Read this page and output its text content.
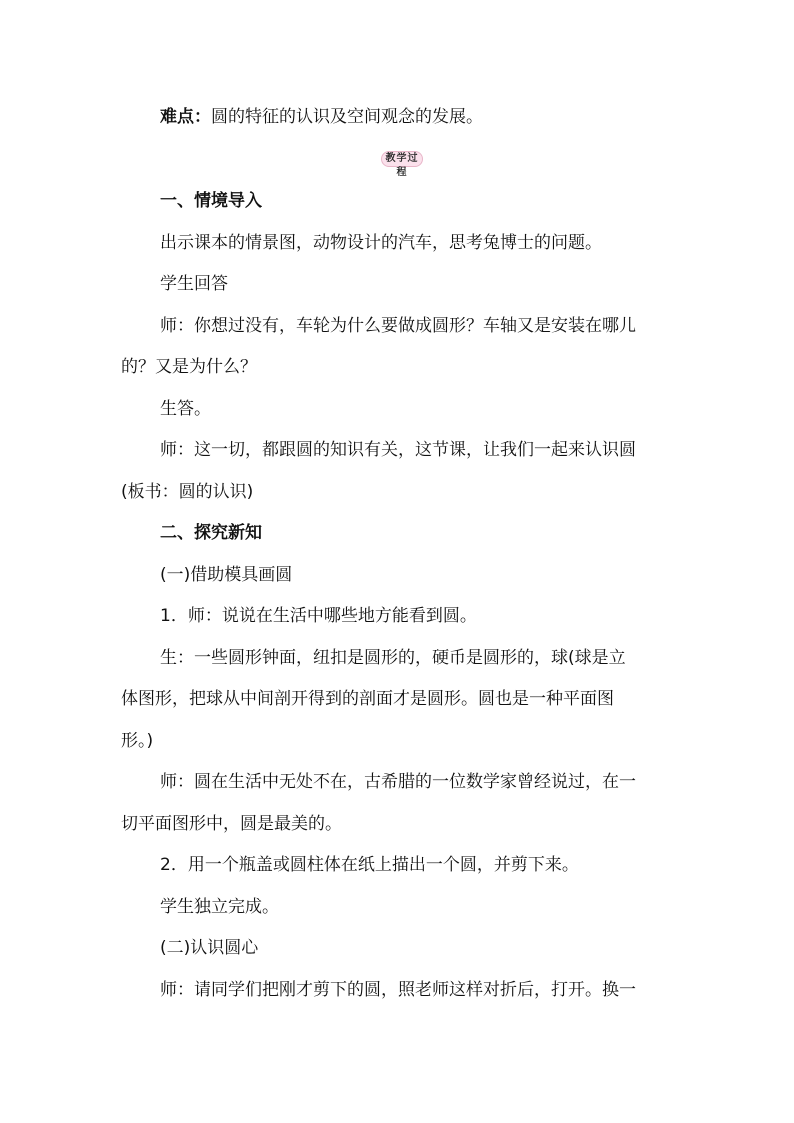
难点：圆的特征的认识及空间观念的发展。
教学过程
一、情境导入
出示课本的情景图，动物设计的汽车，思考兔博士的问题。
学生回答
师：你想过没有，车轮为什么要做成圆形？车轴又是安装在哪儿
的？又是为什么？
生答。
师：这一切，都跟圆的知识有关，这节课，让我们一起来认识圆
(板书：圆的认识)
二、探究新知
(一)借助模具画圆
1．师：说说在生活中哪些地方能看到圆。
生：一些圆形钟面，纽扣是圆形的，硬币是圆形的，球(球是立
体图形，把球从中间剖开得到的剖面才是圆形。圆也是一种平面图
形。)
师：圆在生活中无处不在，古希腊的一位数学家曾经说过，在一
切平面图形中，圆是最美的。
2．用一个瓶盖或圆柱体在纸上描出一个圆，并剪下来。
学生独立完成。
(二)认识圆心
师：请同学们把刚才剪下的圆，照老师这样对折后，打开。换一
